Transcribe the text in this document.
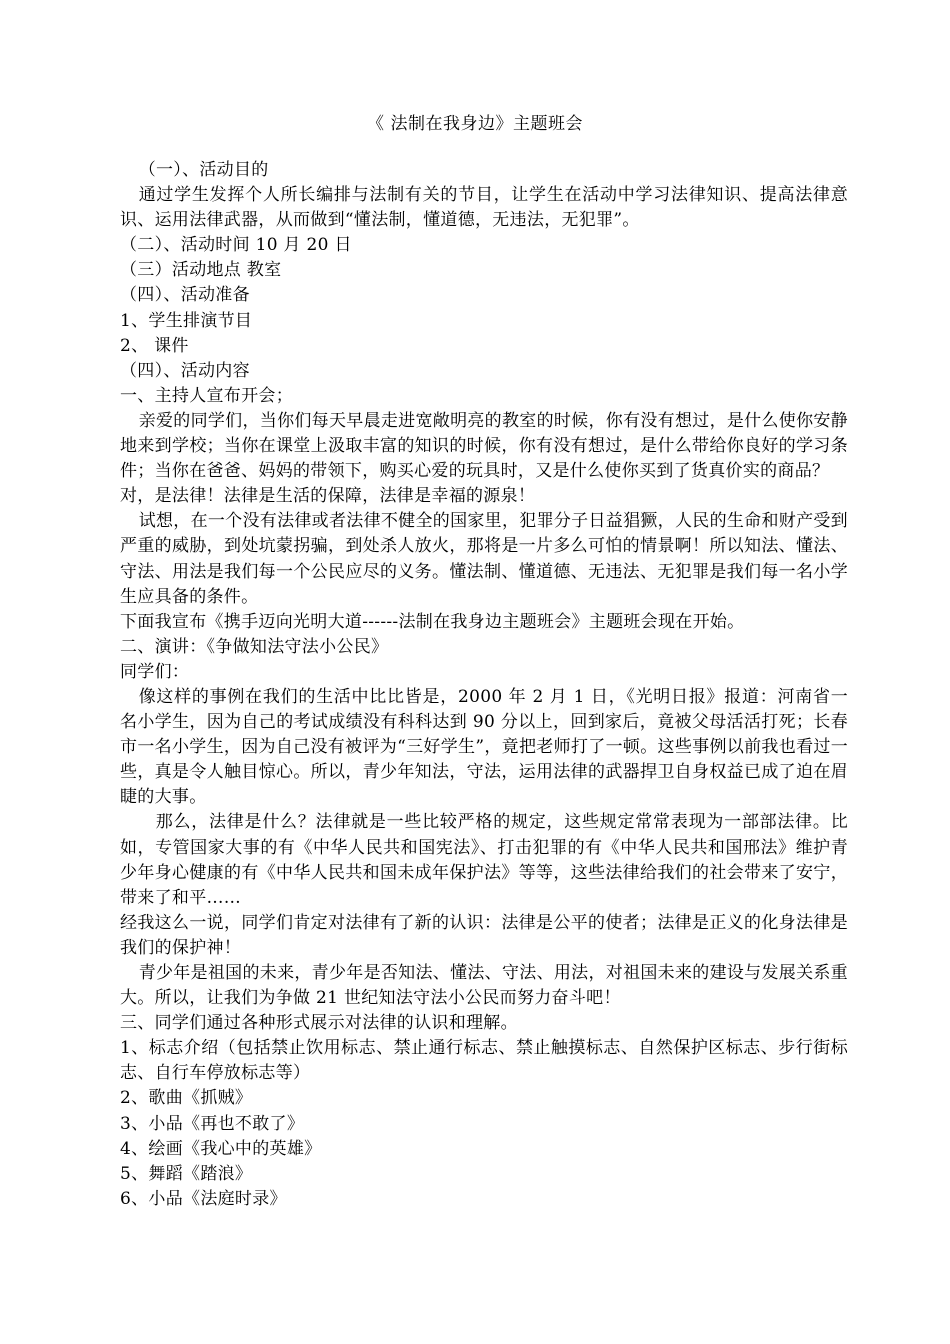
《 法制在我身边》主题班会

（一）、活动目的

通过学生发挥个人所长编排与法制有关的节目，让学生在活动中学习法律知识、提高法律意识、运用法律武器，从而做到“懂法制，懂道德，无违法，无犯罪”。

（二）、活动时间 10 月 20 日

（三）活动地点 教室

（四）、活动准备

1、学生排演节目

2、 课件

（四）、活动内容

一、主持人宣布开会；

亲爱的同学们，当你们每天早晨走进宽敞明亮的教室的时候，你有没有想过，是什么使你安静地来到学校；当你在课堂上汲取丰富的知识的时候，你有没有想过，是什么带给你良好的学习条件；当你在爸爸、妈妈的带领下，购买心爱的玩具时，又是什么使你买到了货真价实的商品？

对，是法律！法律是生活的保障，法律是幸福的源泉！

试想，在一个没有法律或者法律不健全的国家里，犯罪分子日益猖獗，人民的生命和财产受到严重的威胁，到处坑蒙拐骗，到处杀人放火，那将是一片多么可怕的情景啊！所以知法、懂法、守法、用法是我们每一个公民应尽的义务。懂法制、懂道德、无违法、无犯罪是我们每一名小学生应具备的条件。

下面我宣布《携手迈向光明大道------法制在我身边主题班会》主题班会现在开始。

二、演讲：《争做知法守法小公民》

同学们：

像这样的事例在我们的生活中比比皆是，2000 年 2 月 1 日，《光明日报》报道：河南省一名小学生，因为自己的考试成绩没有科科达到 90 分以上，回到家后，竟被父母活活打死；长春市一名小学生，因为自己没有被评为“三好学生”，竟把老师打了一顿。这些事例以前我也看过一些，真是令人触目惊心。所以，青少年知法，守法，运用法律的武器捍卫自身权益已成了迫在眉睫的大事。

那么，法律是什么？法律就是一些比较严格的规定，这些规定常常表现为一部部法律。比如，专管国家大事的有《中华人民共和国宪法》、打击犯罪的有《中华人民共和国邢法》维护青少年身心健康的有《中华人民共和国未成年保护法》等等，这些法律给我们的社会带来了安宁，带来了和平……

经我这么一说，同学们肯定对法律有了新的认识：法律是公平的使者；法律是正义的化身法律是我们的保护神！

青少年是祖国的未来，青少年是否知法、懂法、守法、用法，对祖国未来的建设与发展关系重大。所以，让我们为争做 21 世纪知法守法小公民而努力奋斗吧！

三、同学们通过各种形式展示对法律的认识和理解。

1、标志介绍（包括禁止饮用标志、禁止通行标志、禁止触摸标志、自然保护区标志、步行街标志、自行车停放标志等）

2、歌曲《抓贼》

3、小品《再也不敢了》

4、绘画《我心中的英雄》

5、舞蹈《踏浪》

6、小品《法庭时录》
